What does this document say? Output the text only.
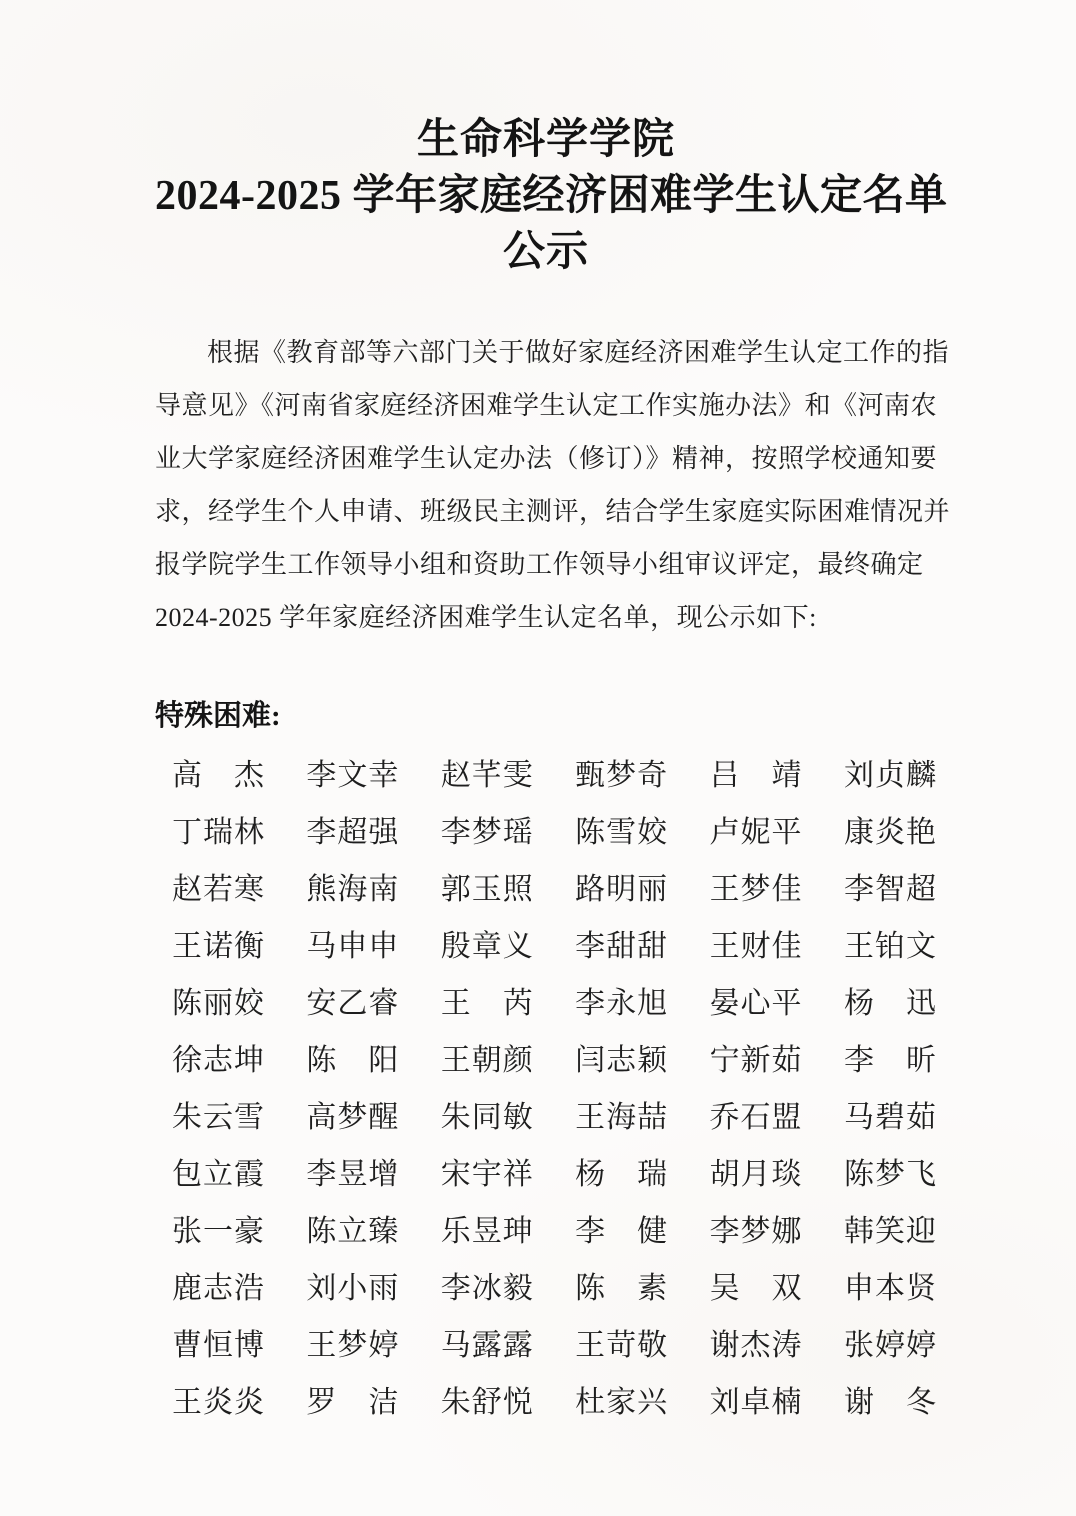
生命科学学院
2024-2025 学年家庭经济困难学生认定名单
公示
根据《教育部等六部门关于做好家庭经济困难学生认定工作的指
导意见》《河南省家庭经济困难学生认定工作实施办法》和《河南农
业大学家庭经济困难学生认定办法（修订）》精神，按照学校通知要
求，经学生个人申请、班级民主测评，结合学生家庭实际困难情况并
报学院学生工作领导小组和资助工作领导小组审议评定，最终确定
2024-2025 学年家庭经济困难学生认定名单，现公示如下:
特殊困难:
高　杰 李文幸 赵芊雯 甄梦奇 吕　靖 刘贞麟
丁瑞林 李超强 李梦瑶 陈雪姣 卢妮平 康炎艳
赵若寒 熊海南 郭玉照 路明丽 王梦佳 李智超
王诺衡 马申申 殷章义 李甜甜 王财佳 王铂文
陈丽姣 安乙睿 王　芮 李永旭 晏心平 杨　迅
徐志坤 陈　阳 王朝颜 闫志颖 宁新茹 李　昕
朱云雪 高梦醒 朱同敏 王海喆 乔石盟 马碧茹
包立霞 李昱增 宋宇祥 杨　瑞 胡月琰 陈梦飞
张一豪 陈立臻 乐昱珅 李　健 李梦娜 韩笑迎
鹿志浩 刘小雨 李冰毅 陈　素 吴　双 申本贤
曹恒博 王梦婷 马露露 王苛敬 谢杰涛 张婷婷
王炎炎 罗　洁 朱舒悦 杜家兴 刘卓楠 谢　冬
